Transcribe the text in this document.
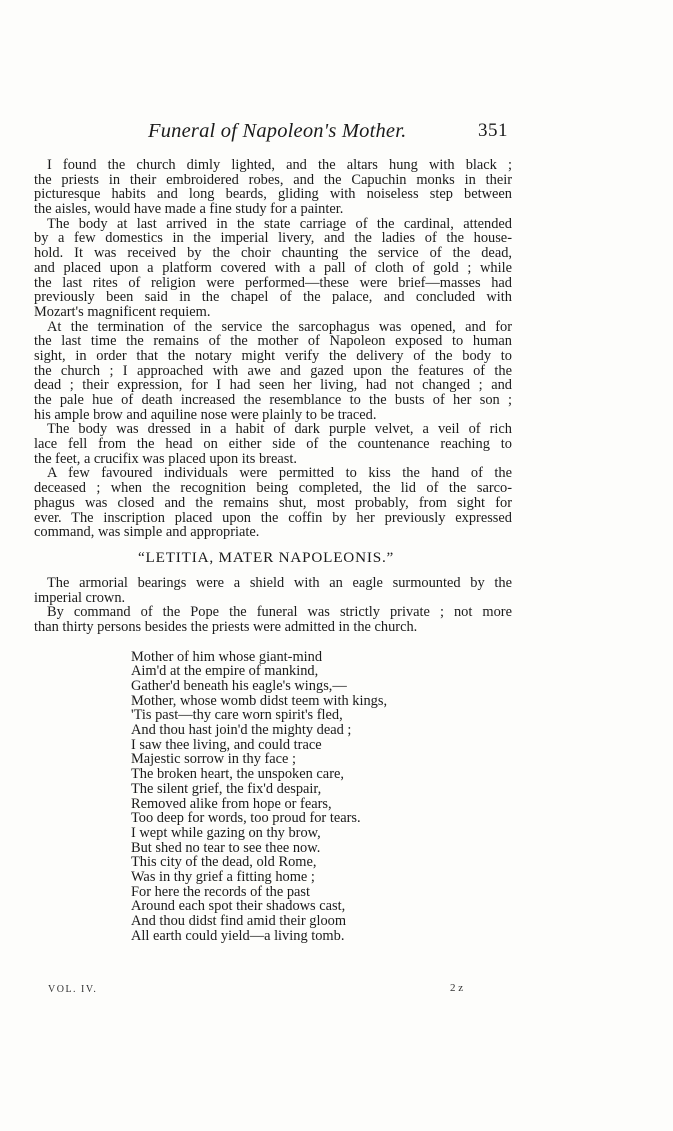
Funeral of Napoleon's Mother.	351
I found the church dimly lighted, and the altars hung with black ;
the priests in their embroidered robes, and the Capuchin monks in their
picturesque habits and long beards, gliding with noiseless step between
the aisles, would have made a fine study for a painter.
The body at last arrived in the state carriage of the cardinal, attended
by a few domestics in the imperial livery, and the ladies of the house-
hold. It was received by the choir chaunting the service of the dead,
and placed upon a platform covered with a pall of cloth of gold ; while
the last rites of religion were performed—these were brief—masses had
previously been said in the chapel of the palace, and concluded with
Mozart's magnificent requiem.
At the termination of the service the sarcophagus was opened, and for
the last time the remains of the mother of Napoleon exposed to human
sight, in order that the notary might verify the delivery of the body to
the church ; I approached with awe and gazed upon the features of the
dead ; their expression, for I had seen her living, had not changed ; and
the pale hue of death increased the resemblance to the busts of her son ;
his ample brow and aquiline nose were plainly to be traced.
The body was dressed in a habit of dark purple velvet, a veil of rich
lace fell from the head on either side of the countenance reaching to
the feet, a crucifix was placed upon its breast.
A few favoured individuals were permitted to kiss the hand of the
deceased ; when the recognition being completed, the lid of the sarco-
phagus was closed and the remains shut, most probably, from sight for
ever. The inscription placed upon the coffin by her previously expressed
command, was simple and appropriate.
“LETITIA, MATER NAPOLEONIS.”
The armorial bearings were a shield with an eagle surmounted by the
imperial crown.
By command of the Pope the funeral was strictly private ; not more
than thirty persons besides the priests were admitted in the church.
Mother of him whose giant-mind
Aim'd at the empire of mankind,
Gather'd beneath his eagle's wings,—
Mother, whose womb didst teem with kings,
'Tis past—thy care worn spirit's fled,
And thou hast join'd the mighty dead ;
I saw thee living, and could trace
Majestic sorrow in thy face ;
The broken heart, the unspoken care,
The silent grief, the fix'd despair,
Removed alike from hope or fears,
Too deep for words, too proud for tears.
I wept while gazing on thy brow,
But shed no tear to see thee now.
This city of the dead, old Rome,
Was in thy grief a fitting home ;
For here the records of the past
Around each spot their shadows cast,
And thou didst find amid their gloom
All earth could yield—a living tomb.
VOL. IV.	2 z
